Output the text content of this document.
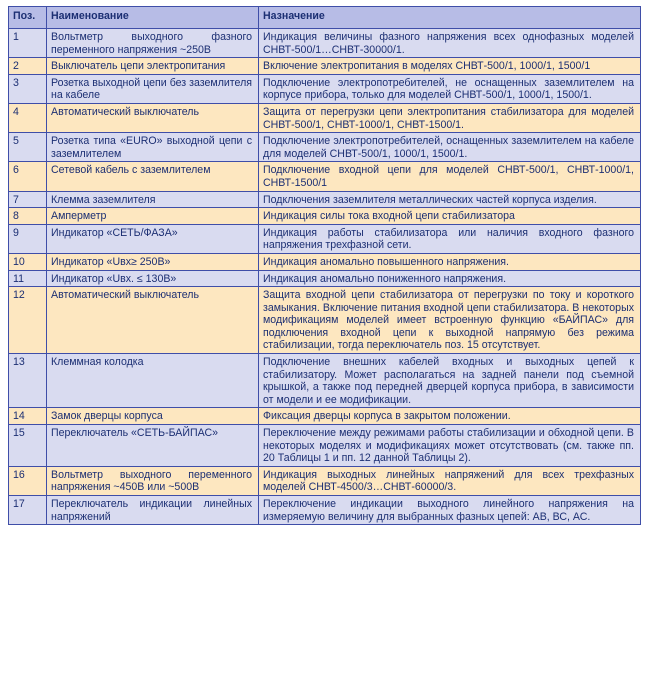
Поз.	Наименование	Назначение
1	Вольтметр выходного фазного переменного напряжения ~250В	Индикация величины фазного напряжения всех однофазных моделей СНВТ-500/1…СНВТ-30000/1.
2	Выключатель цепи электропитания	Включение электропитания в моделях СНВТ-500/1, 1000/1, 1500/1
3	Розетка выходной цепи без заземлителя на кабеле	Подключение электропотребителей, не оснащенных заземлителем на корпусе прибора, только для моделей СНВТ-500/1, 1000/1, 1500/1.
4	Автоматический выключатель	Защита от перегрузки цепи электропитания стабилизатора для моделей СНВТ-500/1, СНВТ-1000/1, СНВТ-1500/1.
5	Розетка типа «EURO» выходной цепи с заземлителем	Подключение электропотребителей, оснащенных заземлителем на кабеле для моделей СНВТ-500/1, 1000/1, 1500/1.
6	Сетевой кабель с заземлителем	Подключение входной цепи для моделей СНВТ-500/1, СНВТ-1000/1, СНВТ-1500/1
7	Клемма заземлителя	Подключения заземлителя металлических частей корпуса изделия.
8	Амперметр	Индикация силы тока входной цепи стабилизатора
9	Индикатор «СЕТЬ/ФАЗА»	Индикация работы стабилизатора или наличия входного фазного напряжения трехфазной сети.
10	Индикатор «Uвх≥ 250В»	Индикация аномально повышенного напряжения.
11	Индикатор «Uвх. ≤ 130В»	Индикация аномально пониженного напряжения.
12	Автоматический выключатель	Защита входной цепи стабилизатора от перегрузки по току и короткого замыкания. Включение питания входной цепи стабилизатора. В некоторых модификациям моделей имеет встроенную функцию «БАЙПАС» для подключения входной цепи к выходной напрямую без режима стабилизации, тогда переключатель поз. 15 отсутствует.
13	Клеммная колодка	Подключение внешних кабелей входных и выходных цепей к стабилизатору. Может располагаться на задней панели под съемной крышкой, а также под передней дверцей корпуса прибора, в зависимости от модели и ее модификации.
14	Замок дверцы корпуса	Фиксация дверцы корпуса в закрытом положении.
15	Переключатель «СЕТЬ-БАЙПАС»	Переключение между режимами работы стабилизации и обходной цепи. В некоторых моделях и модификациях может отсутствовать (см. также пп. 20 Таблицы 1 и пп. 12 данной Таблицы 2).
16	Вольтметр выходного переменного напряжения ~450В или ~500В	Индикация выходных линейных напряжений для всех трехфазных моделей СНВТ-4500/3…СНВТ-60000/3.
17	Переключатель индикации линейных напряжений	Переключение индикации выходного линейного напряжения на измеряемую величину для выбранных фазных цепей: АВ, ВС, АС.
